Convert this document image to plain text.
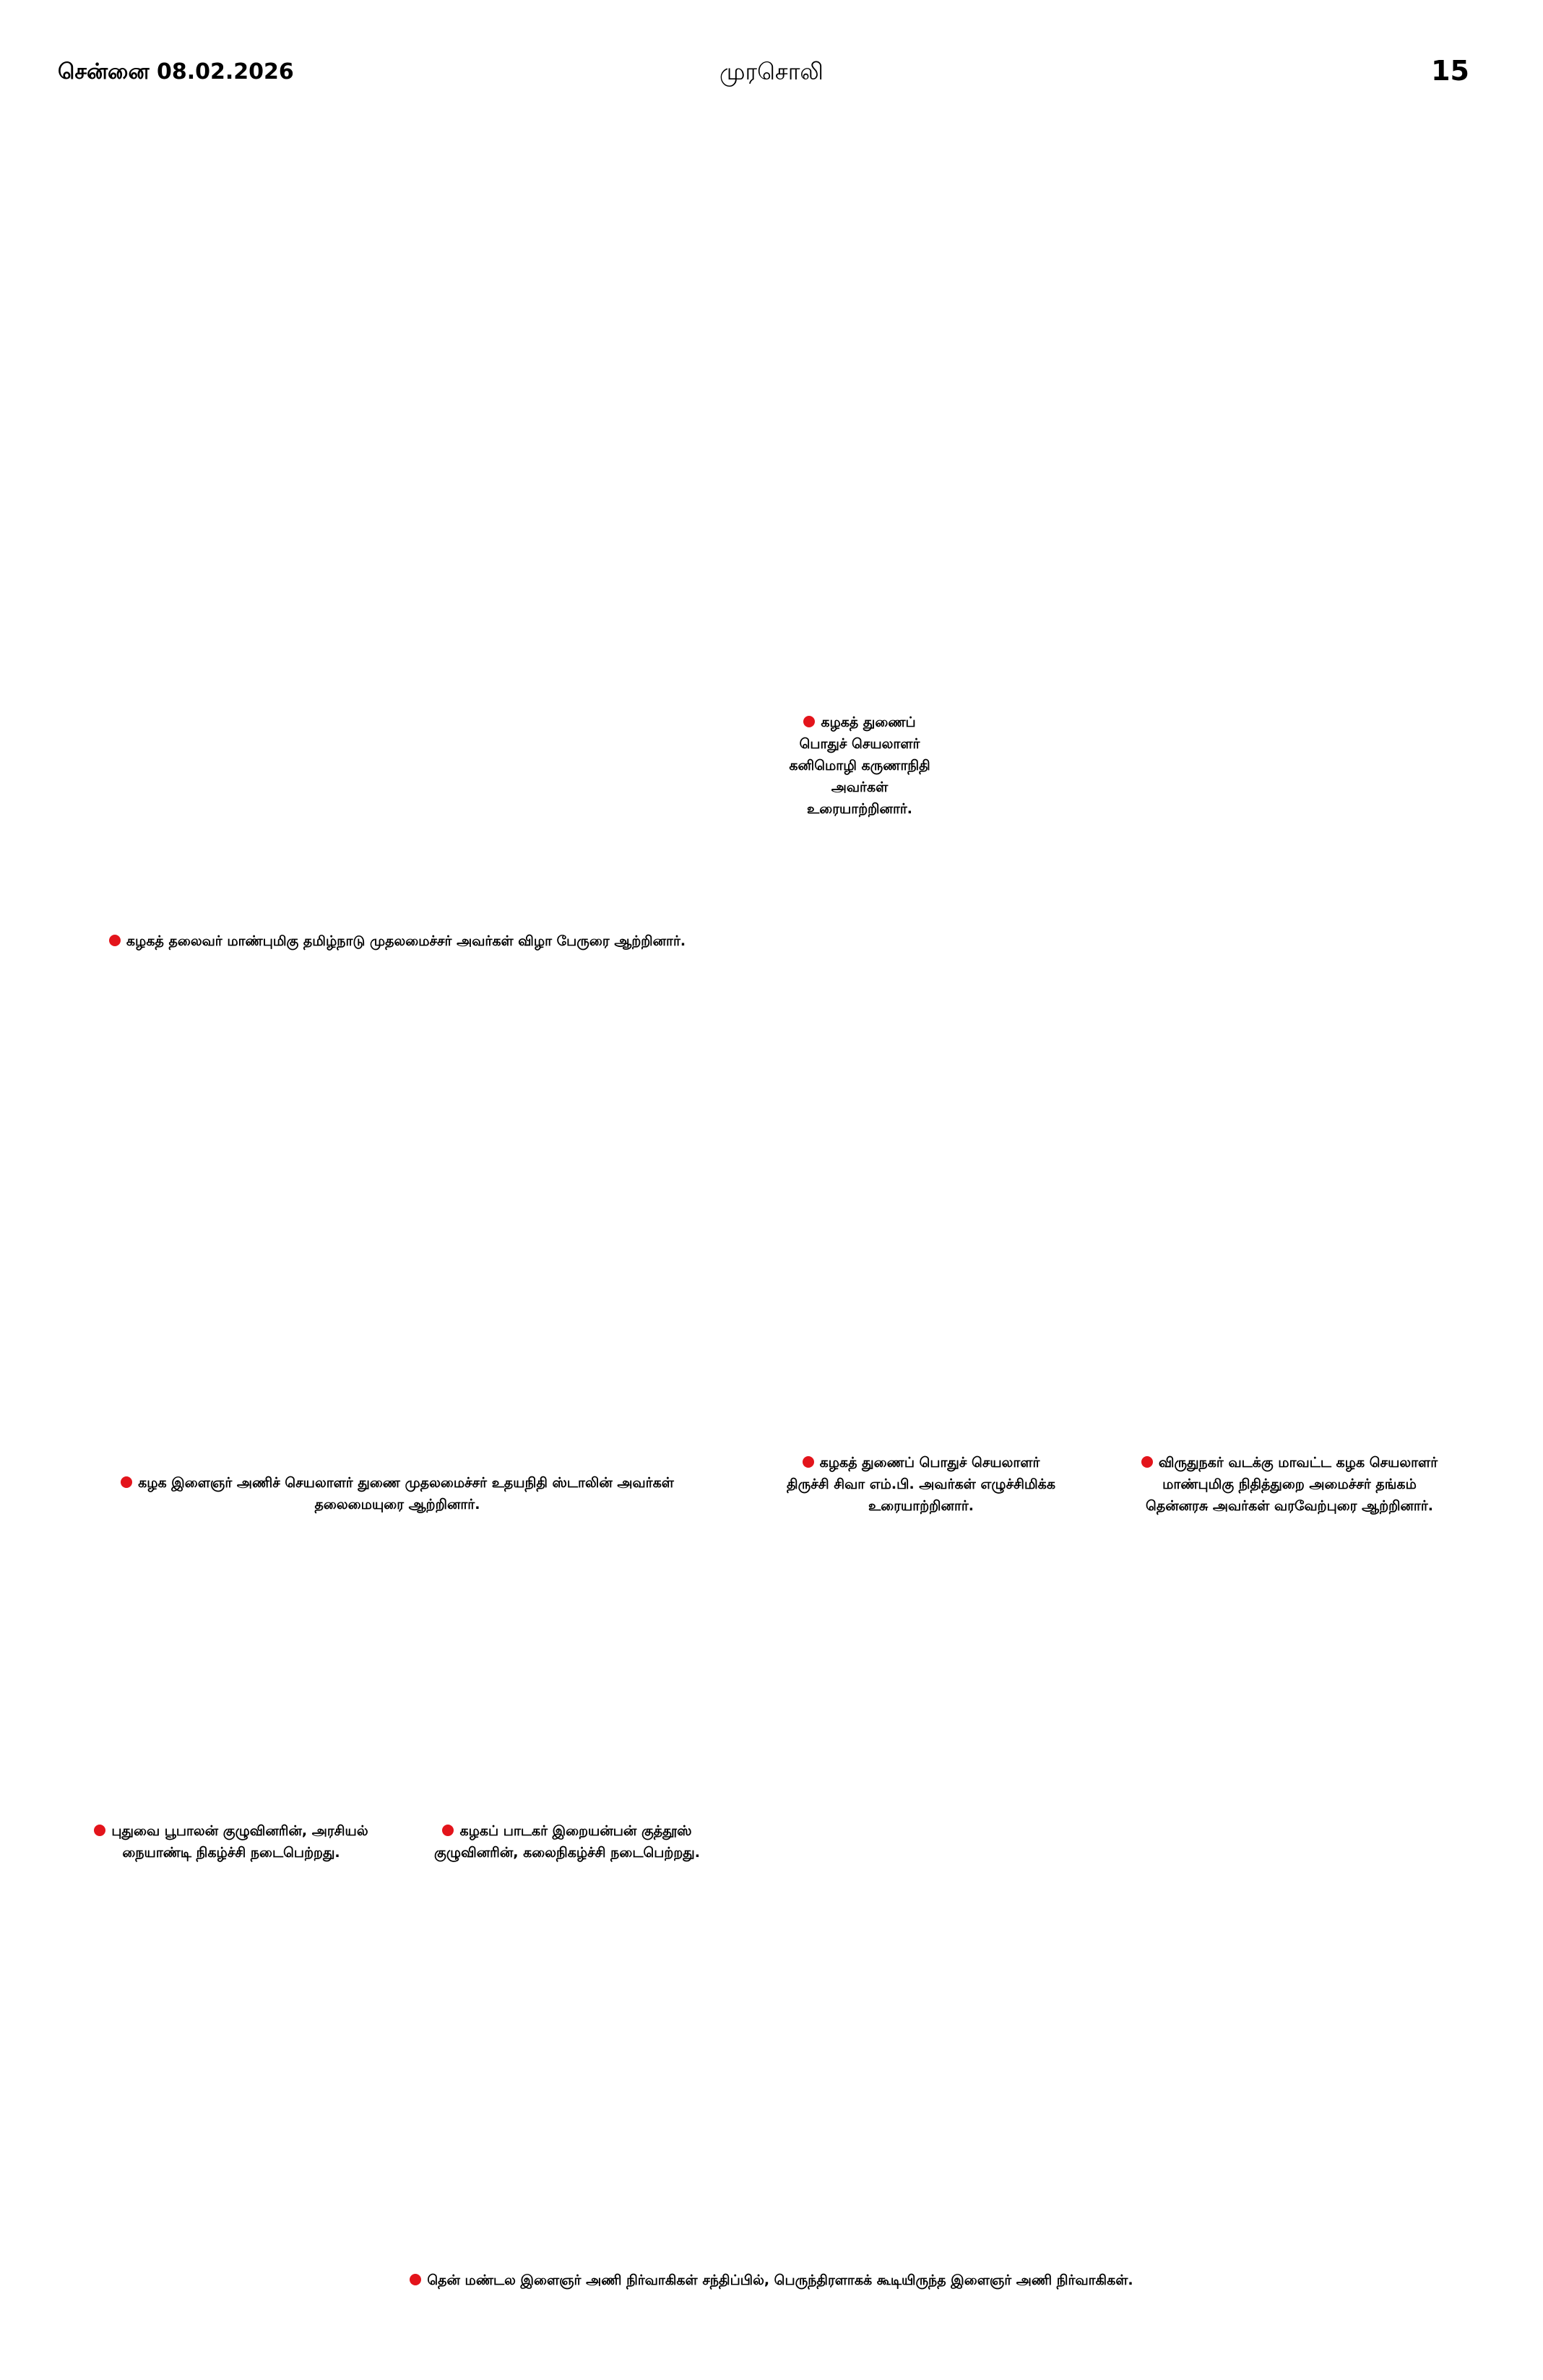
சென்னை 08.02.2026	முரசொலி	15
கழகத் துணைப்
பொதுச் செயலாளர்
கனிமொழி கருணாநிதி
அவர்கள்
உரையாற்றினார்.
கழகத் தலைவர் மாண்புமிகு தமிழ்நாடு முதலமைச்சர் அவர்கள் விழா பேருரை ஆற்றினார்.
கழக இளைஞர் அணிச் செயலாளர் துணை முதலமைச்சர் உதயநிதி ஸ்டாலின் அவர்கள்
தலைமையுரை ஆற்றினார்.
கழகத் துணைப் பொதுச் செயலாளர்
திருச்சி சிவா எம்.பி. அவர்கள் எழுச்சிமிக்க
உரையாற்றினார்.
விருதுநகர் வடக்கு மாவட்ட கழக செயலாளர்
மாண்புமிகு நிதித்துறை அமைச்சர் தங்கம்
தென்னரசு அவர்கள் வரவேற்புரை ஆற்றினார்.
புதுவை பூபாலன் குழுவினரின், அரசியல்
நையாண்டி நிகழ்ச்சி நடைபெற்றது.
கழகப் பாடகர் இறையன்பன் குத்தூஸ்
குழுவினரின், கலைநிகழ்ச்சி நடைபெற்றது.
தென் மண்டல இளைஞர் அணி நிர்வாகிகள் சந்திப்பில், பெருந்திரளாகக் கூடியிருந்த இளைஞர் அணி நிர்வாகிகள்.
